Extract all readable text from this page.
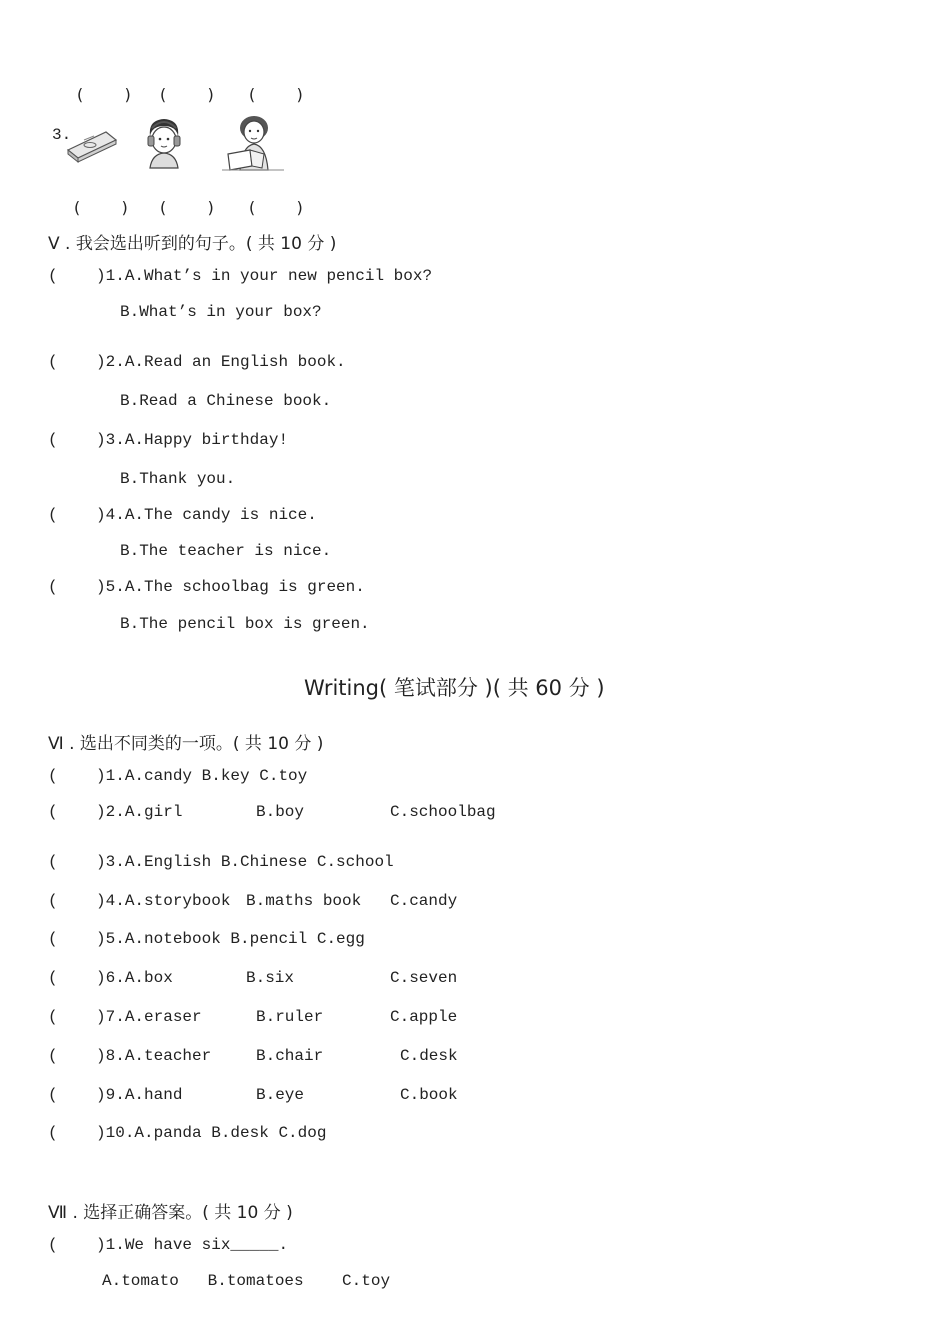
(    ) (    ) (    )
3.
(    ) (    ) (    )
Ⅴ . 我会选出听到的句子。( 共 10 分 )
(    )1.A.What’s in your new pencil box?
B.What’s in your box?
(    )2.A.Read an English book.
B.Read a Chinese book.
(    )3.A.Happy birthday!
B.Thank you.
(    )4.A.The candy is nice.
B.The teacher is nice.
(    )5.A.The schoolbag is green.
B.The pencil box is green.
Writing( 笔试部分 )( 共 60 分 )
Ⅵ . 选出不同类的一项。( 共 10 分 )
(    )1.A.candy B.key C.toy
(    )2.A.girl	B.boy	C.schoolbag
(    )3.A.English B.Chinese C.school
(    )4.A.storybook B.maths book C.candy
(    )5.A.notebook B.pencil C.egg
(    )6.A.box	B.six	C.seven
(    )7.A.eraser	B.ruler	C.apple
(    )8.A.teacher	B.chair	C.desk
(    )9.A.hand	B.eye	C.book
(    )10.A.panda B.desk C.dog
Ⅶ . 选择正确答案。( 共 10 分 )
(    )1.We have six_____.
A.tomato   B.tomatoes    C.toy
